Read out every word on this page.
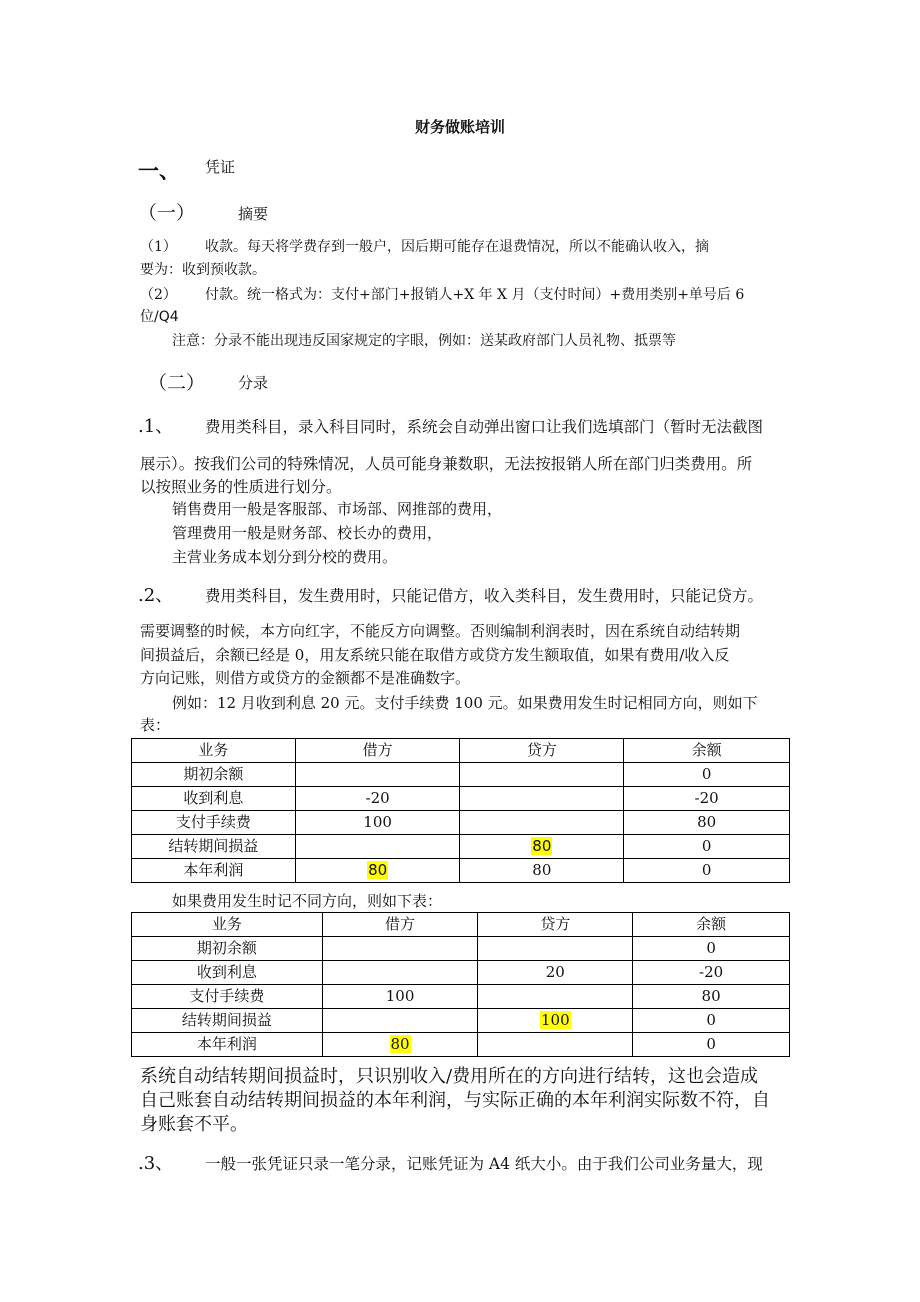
财务做账培训
一、 凭证
（一）	摘要
（1） 收款。每天将学费存到一般户，因后期可能存在退费情况，所以不能确认收入，摘
要为：收到预收款。
（2） 付款。统一格式为：支付+部门+报销人+X 年 X 月（支付时间）+费用类别+单号后 6
位/Q4
注意：分录不能出现违反国家规定的字眼，例如：送某政府部门人员礼物、抵票等
（二） 分录
.1、 费用类科目，录入科目同时，系统会自动弹出窗口让我们选填部门（暂时无法截图
展示）。按我们公司的特殊情况，人员可能身兼数职，无法按报销人所在部门归类费用。所
以按照业务的性质进行划分。
销售费用一般是客服部、市场部、网推部的费用，
管理费用一般是财务部、校长办的费用，
主营业务成本划分到分校的费用。
.2、 费用类科目，发生费用时，只能记借方，收入类科目，发生费用时，只能记贷方。
需要调整的时候，本方向红字，不能反方向调整。否则编制利润表时，因在系统自动结转期
间损益后，余额已经是 0，用友系统只能在取借方或贷方发生额取值，如果有费用/收入反
方向记账，则借方或贷方的金额都不是准确数字。
例如：12 月收到利息 20 元。支付手续费 100 元。如果费用发生时记相同方向，则如下
表：
业务	借方	贷方	余额
期初余额			0
收到利息	-20		-20
支付手续费	100		80
结转期间损益		80	0
本年利润	80	80	0
如果费用发生时记不同方向，则如下表：
业务	借方	贷方	余额
期初余额			0
收到利息		20	-20
支付手续费	100		80
结转期间损益		100	0
本年利润	80		0
系统自动结转期间损益时，只识别收入/费用所在的方向进行结转，这也会造成
自己账套自动结转期间损益的本年利润，与实际正确的本年利润实际数不符，自
身账套不平。
.3、 一般一张凭证只录一笔分录，记账凭证为 A4 纸大小。由于我们公司业务量大，现
